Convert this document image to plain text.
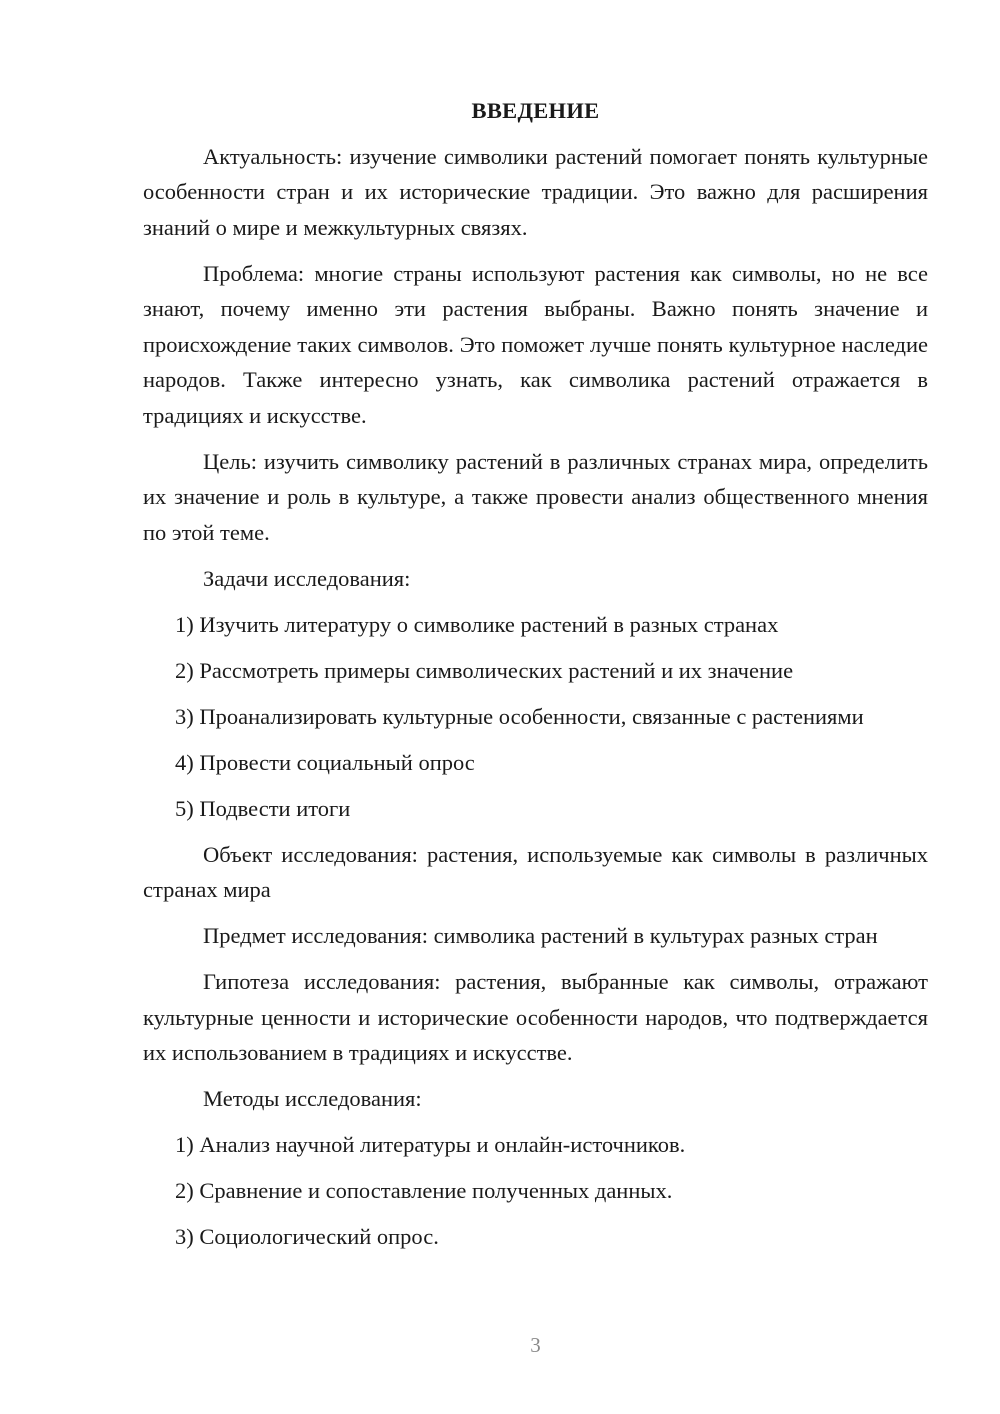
ВВЕДЕНИЕ

Актуальность: изучение символики растений помогает понять культурные особенности стран и их исторические традиции. Это важно для расширения знаний о мире и межкультурных связях.

Проблема: многие страны используют растения как символы, но не все знают, почему именно эти растения выбраны. Важно понять значение и происхождение таких символов. Это поможет лучше понять культурное наследие народов. Также интересно узнать, как символика растений отражается в традициях и искусстве.

Цель: изучить символику растений в различных странах мира, определить их значение и роль в культуре, а также провести анализ общественного мнения по этой теме.

Задачи исследования:

1) Изучить литературу о символике растений в разных странах

2) Рассмотреть примеры символических растений и их значение

3) Проанализировать культурные особенности, связанные с растениями

4) Провести социальный опрос

5) Подвести итоги

Объект исследования: растения, используемые как символы в различных странах мира

Предмет исследования: символика растений в культурах разных стран

Гипотеза исследования: растения, выбранные как символы, отражают культурные ценности и исторические особенности народов, что подтверждается их использованием в традициях и искусстве.

Методы исследования:

1) Анализ научной литературы и онлайн-источников.

2) Сравнение и сопоставление полученных данных.

3) Социологический опрос.

3
